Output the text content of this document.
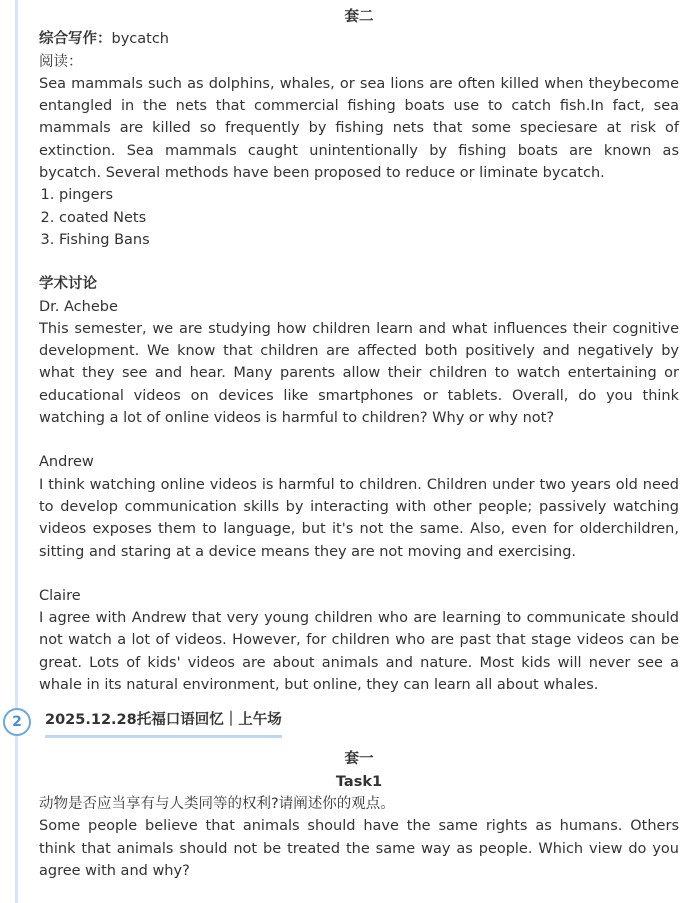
套二

综合写作：bycatch

阅读：

Sea mammals such as dolphins, whales, or sea lions are often killed when theybecome entangled in the nets that commercial fishing boats use to catch fish.In fact, sea mammals are killed so frequently by fishing nets that some speciesare at risk of extinction. Sea mammals caught unintentionally by fishing boats are known as bycatch. Several methods have been proposed to reduce or liminate bycatch.

1. pingers
2. coated Nets
3. Fishing Bans

学术讨论

Dr. Achebe

This semester, we are studying how children learn and what influences their cognitive development. We know that children are affected both positively and negatively by what they see and hear. Many parents allow their children to watch entertaining or educational videos on devices like smartphones or tablets. Overall, do you think watching a lot of online videos is harmful to children? Why or why not?

Andrew

I think watching online videos is harmful to children. Children under two years old need to develop communication skills by interacting with other people; passively watching videos exposes them to language, but it's not the same. Also, even for olderchildren, sitting and staring at a device means they are not moving and exercising.

Claire

I agree with Andrew that very young children who are learning to communicate should not watch a lot of videos. However, for children who are past that stage videos can be great. Lots of kids' videos are about animals and nature. Most kids will never see a whale in its natural environment, but online, they can learn all about whales.

2	2025.12.28托福口语回忆｜上午场

套一

Task1

动物是否应当享有与人类同等的权利?请阐述你的观点。

Some people believe that animals should have the same rights as humans. Others think that animals should not be treated the same way as people. Which view do you agree with and why?
